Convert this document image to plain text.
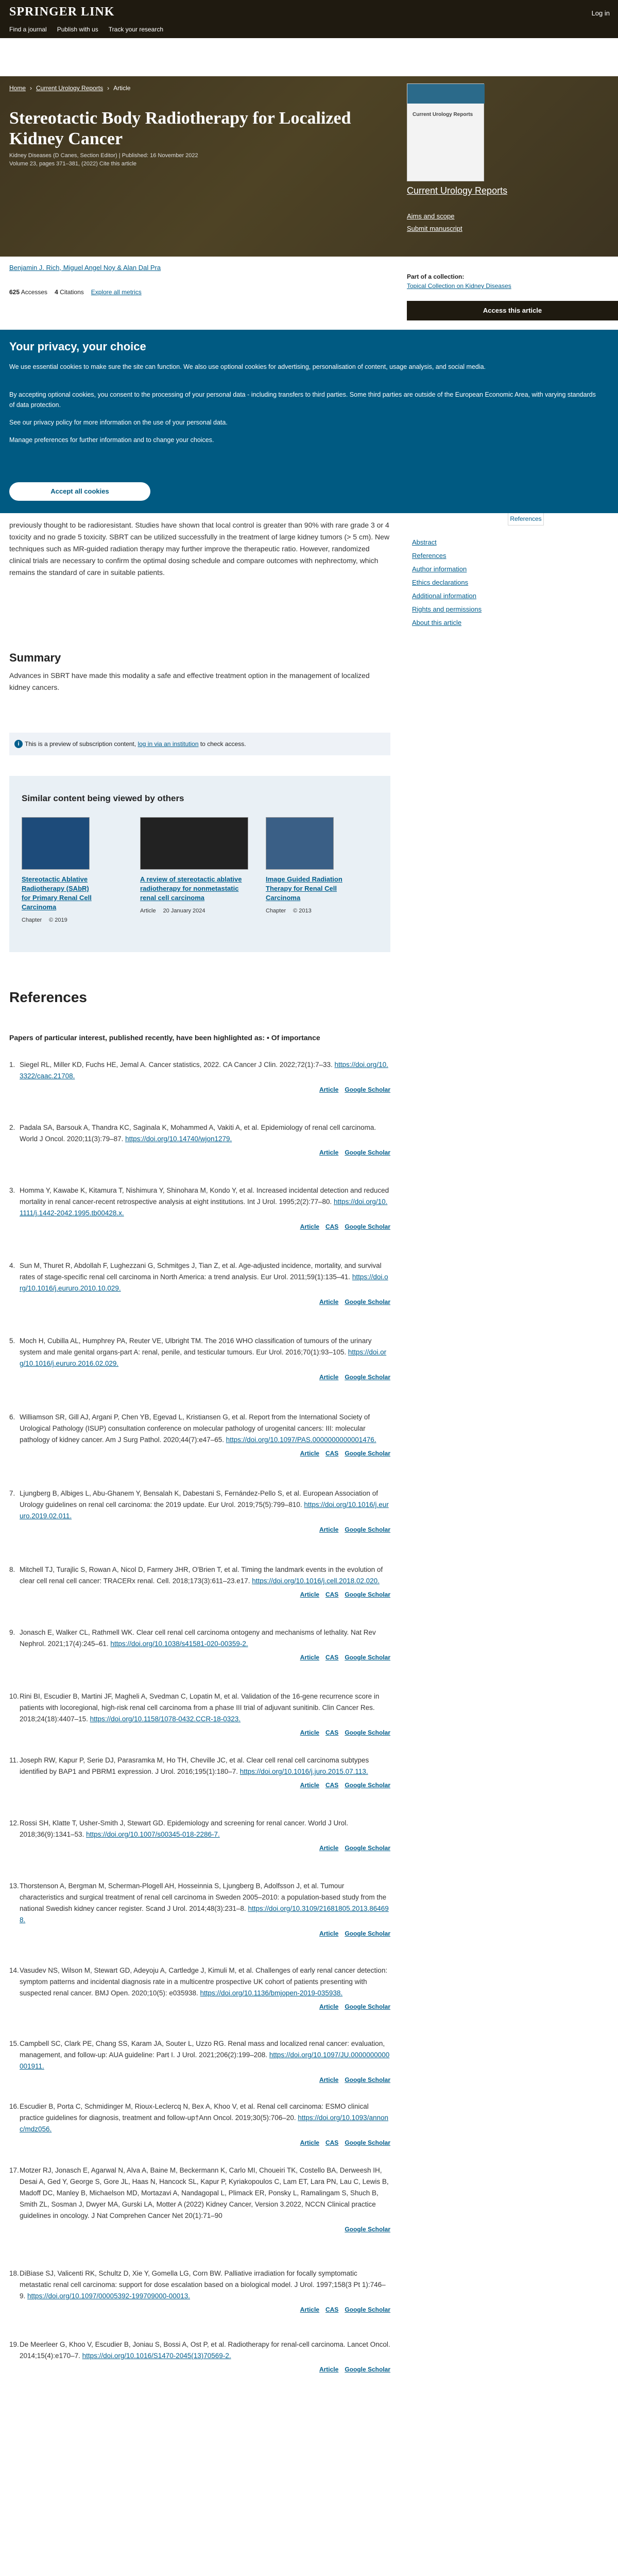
SPRINGER LINK	Log in
Find a journal Publish with us Track your research
Home › Current Urology Reports › Article
Stereotactic Body Radiotherapy for Localized Kidney Cancer
Kidney Diseases (D Canes, Section Editor) | Published: 16 November 2022
Volume 23, pages 371–381, (2022) Cite this article
Current Urology Reports
Current Urology Reports
Aims and scope
Submit manuscript
Benjamin J. Rich, Miguel Angel Noy & Alan Dal Pra
625 Accesses 4 Citations Explore all metrics
Part of a collection:
Topical Collection on Kidney Diseases
Access this article
Your privacy, your choice
We use essential cookies to make sure the site can function. We also use optional cookies for advertising, personalisation of content, usage analysis, and social media.
By accepting optional cookies, you consent to the processing of your personal data - including transfers to third parties. Some third parties are outside of the European Economic Area, with varying standards of data protection.
See our privacy policy for more information on the use of your personal data.
Manage preferences for further information and to change your choices.
Accept all cookies
References
Abstract
References
Author information
Ethics declarations
Additional information
Rights and permissions
About this article
previously thought to be radioresistant. Studies have shown that local control is greater than 90% with rare grade 3 or 4 toxicity and no grade 5 toxicity. SBRT can be utilized successfully in the treatment of large kidney tumors (> 5 cm). New techniques such as MR-guided radiation therapy may further improve the therapeutic ratio. However, randomized clinical trials are necessary to confirm the optimal dosing schedule and compare outcomes with nephrectomy, which remains the standard of care in suitable patients.
Summary
Advances in SBRT have made this modality a safe and effective treatment option in the management of localized kidney cancers.
i This is a preview of subscription content, log in via an institution to check access.
Similar content being viewed by others
Stereotactic Ablative Radiotherapy (SAbR) for Primary Renal Cell Carcinoma
Chapter © 2019
A review of stereotactic ablative radiotherapy for nonmetastatic renal cell carcinoma
Article 20 January 2024
Image Guided Radiation Therapy for Renal Cell Carcinoma
Chapter © 2013
References
Papers of particular interest, published recently, have been highlighted as: • Of importance
1. Siegel RL, Miller KD, Fuchs HE, Jemal A. Cancer statistics, 2022. CA Cancer J Clin. 2022;72(1):7–33. https://doi.org/10.3322/caac.21708.
Article Google Scholar
2. Padala SA, Barsouk A, Thandra KC, Saginala K, Mohammed A, Vakiti A, et al. Epidemiology of renal cell carcinoma. World J Oncol. 2020;11(3):79–87. https://doi.org/10.14740/wjon1279.
Article Google Scholar
3. Homma Y, Kawabe K, Kitamura T, Nishimura Y, Shinohara M, Kondo Y, et al. Increased incidental detection and reduced mortality in renal cancer-recent retrospective analysis at eight institutions. Int J Urol. 1995;2(2):77–80. https://doi.org/10.1111/j.1442-2042.1995.tb00428.x.
Article CAS Google Scholar
4. Sun M, Thuret R, Abdollah F, Lughezzani G, Schmitges J, Tian Z, et al. Age-adjusted incidence, mortality, and survival rates of stage-specific renal cell carcinoma in North America: a trend analysis. Eur Urol. 2011;59(1):135–41. https://doi.org/10.1016/j.eururo.2010.10.029.
Article Google Scholar
5. Moch H, Cubilla AL, Humphrey PA, Reuter VE, Ulbright TM. The 2016 WHO classification of tumours of the urinary system and male genital organs-part A: renal, penile, and testicular tumours. Eur Urol. 2016;70(1):93–105. https://doi.org/10.1016/j.eururo.2016.02.029.
Article Google Scholar
6. Williamson SR, Gill AJ, Argani P, Chen YB, Egevad L, Kristiansen G, et al. Report from the International Society of Urological Pathology (ISUP) consultation conference on molecular pathology of urogenital cancers: III: molecular pathology of kidney cancer. Am J Surg Pathol. 2020;44(7):e47–65. https://doi.org/10.1097/PAS.0000000000001476.
Article CAS Google Scholar
7. Ljungberg B, Albiges L, Abu-Ghanem Y, Bensalah K, Dabestani S, Fernández-Pello S, et al. European Association of Urology guidelines on renal cell carcinoma: the 2019 update. Eur Urol. 2019;75(5):799–810. https://doi.org/10.1016/j.eururo.2019.02.011.
Article Google Scholar
8. Mitchell TJ, Turajlic S, Rowan A, Nicol D, Farmery JHR, O'Brien T, et al. Timing the landmark events in the evolution of clear cell renal cell cancer: TRACERx renal. Cell. 2018;173(3):611–23.e17. https://doi.org/10.1016/j.cell.2018.02.020.
Article CAS Google Scholar
9. Jonasch E, Walker CL, Rathmell WK. Clear cell renal cell carcinoma ontogeny and mechanisms of lethality. Nat Rev Nephrol. 2021;17(4):245–61. https://doi.org/10.1038/s41581-020-00359-2.
Article CAS Google Scholar
10. Rini BI, Escudier B, Martini JF, Magheli A, Svedman C, Lopatin M, et al. Validation of the 16-gene recurrence score in patients with locoregional, high-risk renal cell carcinoma from a phase III trial of adjuvant sunitinib. Clin Cancer Res. 2018;24(18):4407–15. https://doi.org/10.1158/1078-0432.CCR-18-0323.
Article CAS Google Scholar
11. Joseph RW, Kapur P, Serie DJ, Parasramka M, Ho TH, Cheville JC, et al. Clear cell renal cell carcinoma subtypes identified by BAP1 and PBRM1 expression. J Urol. 2016;195(1):180–7. https://doi.org/10.1016/j.juro.2015.07.113.
Article CAS Google Scholar
12. Rossi SH, Klatte T, Usher-Smith J, Stewart GD. Epidemiology and screening for renal cancer. World J Urol. 2018;36(9):1341–53. https://doi.org/10.1007/s00345-018-2286-7.
Article Google Scholar
13. Thorstenson A, Bergman M, Scherman-Plogell AH, Hosseinnia S, Ljungberg B, Adolfsson J, et al. Tumour characteristics and surgical treatment of renal cell carcinoma in Sweden 2005–2010: a population-based study from the national Swedish kidney cancer register. Scand J Urol. 2014;48(3):231–8. https://doi.org/10.3109/21681805.2013.864698.
Article Google Scholar
14. Vasudev NS, Wilson M, Stewart GD, Adeyoju A, Cartledge J, Kimuli M, et al. Challenges of early renal cancer detection: symptom patterns and incidental diagnosis rate in a multicentre prospective UK cohort of patients presenting with suspected renal cancer. BMJ Open. 2020;10(5): e035938. https://doi.org/10.1136/bmjopen-2019-035938.
Article Google Scholar
15. Campbell SC, Clark PE, Chang SS, Karam JA, Souter L, Uzzo RG. Renal mass and localized renal cancer: evaluation, management, and follow-up: AUA guideline: Part I. J Urol. 2021;206(2):199–208. https://doi.org/10.1097/JU.0000000000001911.
Article Google Scholar
16. Escudier B, Porta C, Schmidinger M, Rioux-Leclercq N, Bex A, Khoo V, et al. Renal cell carcinoma: ESMO clinical practice guidelines for diagnosis, treatment and follow-up†Ann Oncol. 2019;30(5):706–20. https://doi.org/10.1093/annonc/mdz056.
Article CAS Google Scholar
17. Motzer RJ, Jonasch E, Agarwal N, Alva A, Baine M, Beckermann K, Carlo MI, Choueiri TK, Costello BA, Derweesh IH, Desai A, Ged Y, George S, Gore JL, Haas N, Hancock SL, Kapur P, Kyriakopoulos C, Lam ET, Lara PN, Lau C, Lewis B, Madoff DC, Manley B, Michaelson MD, Mortazavi A, Nandagopal L, Plimack ER, Ponsky L, Ramalingam S, Shuch B, Smith ZL, Sosman J, Dwyer MA, Gurski LA, Motter A (2022) Kidney Cancer, Version 3.2022, NCCN Clinical practice guidelines in oncology. J Nat Comprehen Cancer Net 20(1):71–90
Google Scholar
18. DiBiase SJ, Valicenti RK, Schultz D, Xie Y, Gomella LG, Corn BW. Palliative irradiation for focally symptomatic metastatic renal cell carcinoma: support for dose escalation based on a biological model. J Urol. 1997;158(3 Pt 1):746–9. https://doi.org/10.1097/00005392-199709000-00013.
Article CAS Google Scholar
19. De Meerleer G, Khoo V, Escudier B, Joniau S, Bossi A, Ost P, et al. Radiotherapy for renal-cell carcinoma. Lancet Oncol. 2014;15(4):e170–7. https://doi.org/10.1016/S1470-2045(13)70569-2.
Article Google Scholar
